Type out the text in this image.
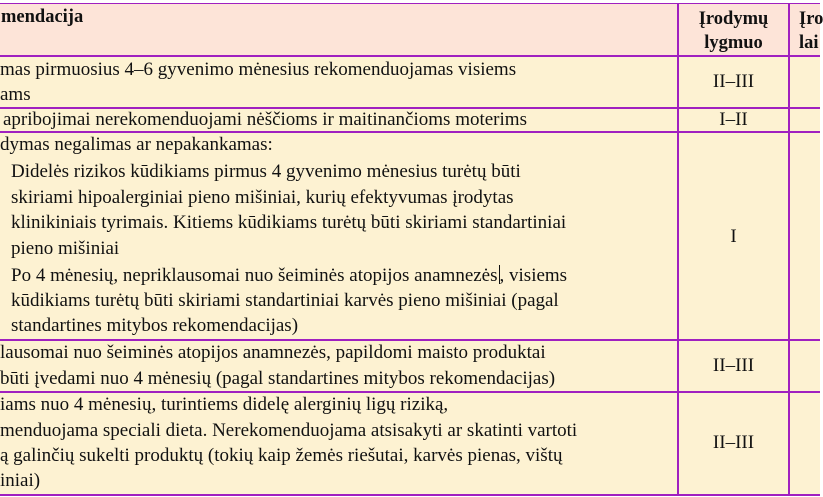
mendacija	Įrodymų
lygmuo
Įro
lai
mas pirmuosius 4–6 gyvenimo mėnesius rekomenduojamas visiems
ams
II–III
apribojimai nerekomenduojami nėščioms ir maitinančioms moterims	I–II
dymas negalimas ar nepakankamas:
Didelės rizikos kūdikiams pirmus 4 gyvenimo mėnesius turėtų būti
skiriami hipoalerginiai pieno mišiniai, kurių efektyvumas įrodytas
klinikiniais tyrimais. Kitiems kūdikiams turėtų būti skiriami standartiniai
pieno mišiniai
Po 4 mėnesių, nepriklausomai nuo šeiminės atopijos anamnezės , visiems
kūdikiams turėtų būti skiriami standartiniai karvės pieno mišiniai (pagal
standartines mitybos rekomendacijas)
I
lausomai nuo šeiminės atopijos anamnezės, papildomi maisto produktai
būti įvedami nuo 4 mėnesių (pagal standartines mitybos rekomendacijas)
II–III
iams nuo 4 mėnesių, turintiems didelę alerginių ligų riziką,
menduojama speciali dieta. Nerekomenduojama atsisakyti ar skatinti vartoti
ą galinčių sukelti produktų (tokių kaip žemės riešutai, karvės pienas, vištų
iniai)
II–III
